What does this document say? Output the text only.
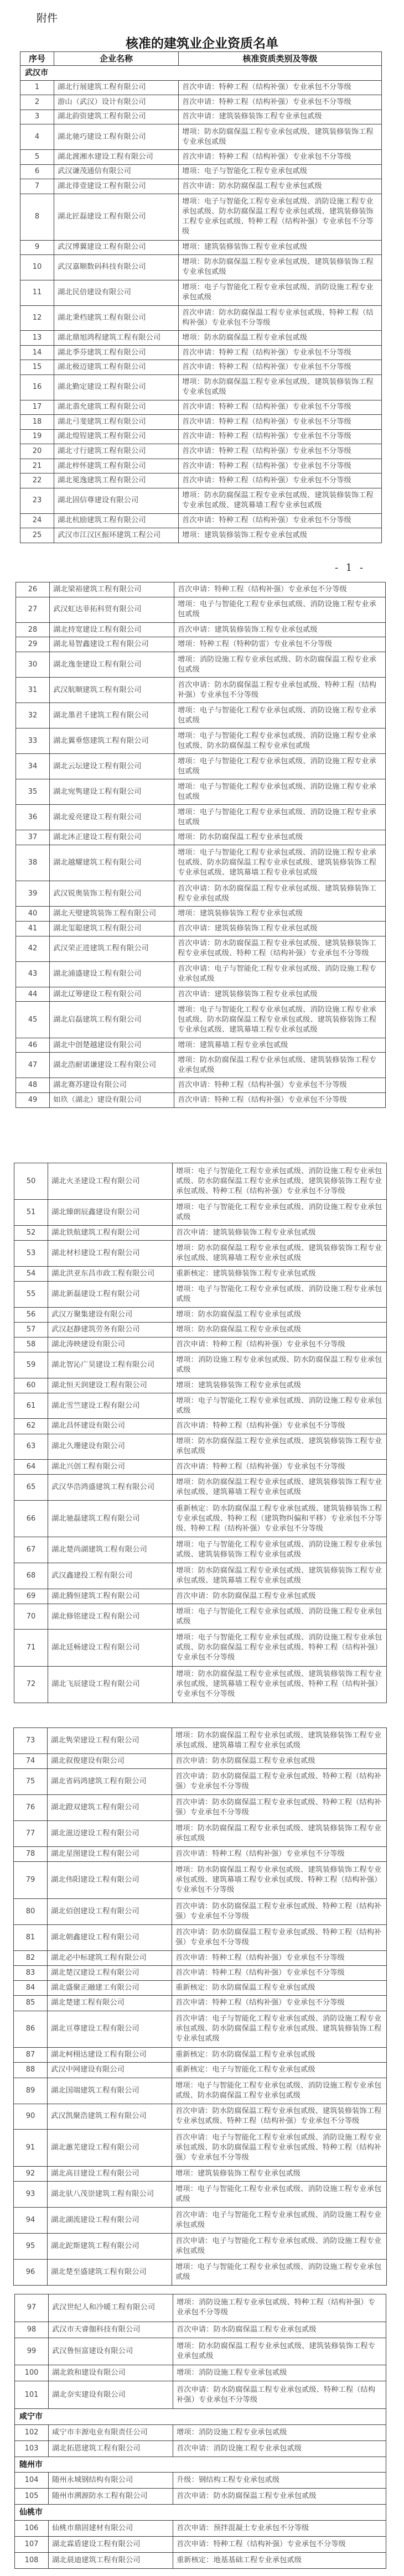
附件
核准的建筑业企业资质名单
- 1 -
序号	企业名称	核准资质类别及等级
武汉市		
1	湖北行展建筑工程有限公司	首次申请：特种工程（结构补强）专业承包不分等级
2	游山（武汉）设计有限公司	首次申请：特种工程（结构补强）专业承包不分等级
3	湖北韵资建筑工程有限公司	首次申请：建筑装修装饰工程专业承包贰级
4	湖北驰巧建设工程有限公司	增项：防水防腐保温工程专业承包贰级、建筑装修装饰工程专业承包贰级
5	湖北渡湘水建设工程有限公司	首次申请：特种工程（结构补强）专业承包不分等级
6	武汉谦茂通信有限公司	增项：电子与智能化工程专业承包贰级
7	湖北徘壹建设工程有限公司	首次申请：防水防腐保温工程专业承包贰级
8	湖北匠磊建设工程有限公司	增项：电子与智能化工程专业承包贰级、消防设施工程专业承包贰级、防水防腐保温工程专业承包贰级、建筑装修装饰工程专业承包贰级、特种工程（结构补强）专业承包不分等级
9	武汉博翼建设工程有限公司	增项：建筑装修装饰工程专业承包贰级
10	武汉嘉顺数码科技有限公司	增项：防水防腐保温工程专业承包贰级、建筑装修装饰工程专业承包贰级
11	湖北民倍建设有限公司	增项：电子与智能化工程专业承包贰级、消防设施工程专业承包贰级
12	湖北秉档建筑工程有限公司	首次申请：防水防腐保温工程专业承包贰级、特种工程（结构补强）专业承包不分等级
13	湖北鼎旭鸿程建筑工程有限公司	增项：防水防腐保温工程专业承包贰级
14	湖北季芬建筑工程有限公司	首次申请：特种工程（结构补强）专业承包不分等级
15	湖北极迈建筑工程有限公司	首次申请：特种工程（结构补强）专业承包不分等级
16	湖北勤定建设工程有限公司	增项：防水防腐保温工程专业承包贰级、建筑装修装饰工程专业承包贰级
17	湖北翡允建筑工程有限公司	首次申请：特种工程（结构补强）专业承包不分等级
18	湖北弓斐建筑工程有限公司	首次申请：特种工程（结构补强）专业承包不分等级
19	湖北煌锃建筑工程有限公司	首次申请：特种工程（结构补强）专业承包不分等级
20	湖北寸行建筑工程有限公司	首次申请：特种工程（结构补强）专业承包不分等级
21	湖北梓怀建筑工程有限公司	首次申请：特种工程（结构补强）专业承包不分等级
22	湖北冕逸建筑工程有限公司	首次申请：特种工程（结构补强）专业承包不分等级
23	湖北固信尊建设有限公司	增项：防水防腐保温工程专业承包贰级、建筑装修装饰工程专业承包贰级、建筑幕墙工程专业承包贰级
24	湖北杭励建筑工程有限公司	首次申请：特种工程（结构补强）专业承包不分等级
25	武汉市江汉区振环建筑工程公司	增项：建筑装修装饰工程专业承包贰级
26	湖北梁裕建筑工程有限公司	首次申请：特种工程（结构补强）专业承包不分等级
27	武汉虹达菲拓科贸有限公司	增项：电子与智能化工程专业承包贰级、消防设施工程专业承包贰级
28	湖北持宽建设工程有限公司	首次申请：建筑装修装饰工程专业承包贰级
29	湖北易智鑫建设工程有限公司	增项：特种工程（特种防雷）专业承包不分等级
30	湖北逸奎建设工程有限公司	增项：消防设施工程专业承包贰级、防水防腐保温工程专业承包贰级
31	武汉航顺建筑工程有限公司	首次申请：防水防腐保温工程专业承包贰级、特种工程（结构补强）专业承包不分等级
32	湖北墨君千建筑工程有限公司	增项：电子与智能化工程专业承包贰级、消防设施工程专业承包贰级
33	湖北翼垂悠建筑工程有限公司	增项：电子与智能化工程专业承包贰级、消防设施工程专业承包贰级、防水防腐保温工程专业承包贰级
34	湖北云坛建设工程有限公司	增项：电子与智能化工程专业承包贰级、消防设施工程专业承包贰级
35	湖北宛隽建设工程有限公司	增项：电子与智能化工程专业承包贰级、消防设施工程专业承包贰级
36	湖北爱亮建设工程有限公司	增项：电子与智能化工程专业承包贰级、消防设施工程专业承包贰级
37	湖北沐正建设工程有限公司	增项：防水防腐保温工程专业承包贰级
38	湖北越耀建筑工程有限公司	增项：电子与智能化工程专业承包贰级、消防设施工程专业承包贰级、防水防腐保温工程专业承包贰级、建筑装修装饰工程专业承包贰级、建筑幕墙工程专业承包贰级
39	武汉锐奥装饰工程有限公司	首次申请：防水防腐保温工程专业承包贰级、建筑装修装饰工程专业承包贰级
40	湖北天璧建筑装饰工程有限公司	增项：建筑装修装饰工程专业承包贰级
41	湖北玺聪建筑工程有限公司	首次申请：建筑装修装饰工程专业承包贰级
42	武汉荣正进建筑工程有限公司	首次申请：防水防腐保温工程专业承包贰级、建筑装修装饰工程专业承包贰级、特种工程（结构补强）专业承包不分等级
43	湖北浦盛建设工程有限公司	首次申请：电子与智能化工程专业承包贰级、消防设施工程专业承包贰级
44	湖北辽筹建设工程有限公司	首次申请：建筑装修装饰工程专业承包贰级
45	湖北启磊建筑工程有限公司	增项：电子与智能化工程专业承包贰级、消防设施工程专业承包贰级、防水防腐保温工程专业承包贰级、建筑装修装饰工程专业承包贰级、建筑幕墙工程专业承包贰级
46	湖北中创楚越建设有限公司	增项：建筑幕墙工程专业承包贰级
47	湖北浩耐诺谦建设工程有限公司	增项：防水防腐保温工程专业承包贰级、建筑装修装饰工程专业承包贰级
48	湖北赛苏建设有限公司	首次申请：特种工程（结构补强）专业承包不分等级
49	如玖（湖北）建设有限公司	首次申请：特种工程（结构补强）专业承包不分等级
50	湖北火圣建设工程有限公司	增项：电子与智能化工程专业承包贰级、消防设施工程专业承包贰级、防水防腐保温工程专业承包贰级、建筑装修装饰工程专业承包贰级、特种工程（结构补强）专业承包不分等级
51	湖北臻朗辰鑫建设有限公司	增项：电子与智能化工程专业承包贰级、消防设施工程专业承包贰级
52	湖北铁航建筑工程有限公司	首次申请：建筑装修装饰工程专业承包贰级
53	湖北材杉建设工程有限公司	增项：防水防腐保温工程专业承包贰级、建筑装修装饰工程专业承包贰级、建筑幕墙工程专业承包贰级
54	湖北洪亚东昌市政工程有限公司	重新核定：建筑装修装饰工程专业承包贰级
55	湖北新磊建设工程有限公司	增项：电子与智能化工程专业承包贰级、消防设施工程专业承包贰级
56	武汉万聚集建设有限公司	增项：防水防腐保温工程专业承包贰级
57	武汉赵静建筑劳务有限公司	增项：防水防腐保温工程专业承包贰级
58	湖北涛映建设有限公司	首次申请：特种工程（结构补强）专业承包不分等级
59	湖北智沁广昊建设工程有限公司	增项：消防设施工程专业承包贰级、防水防腐保温工程专业承包贰级
60	湖北恒天润建设工程有限公司	增项：建筑装修装饰工程专业承包贰级
61	湖北雪竺建设工程有限公司	增项：电子与智能化工程专业承包贰级、消防设施工程专业承包贰级
62	湖北昌怀建设有限公司	首次申请：特种工程（结构补强）专业承包不分等级
63	湖北久珊建设有限公司	增项：防水防腐保温工程专业承包贰级、建筑装修装饰工程专业承包贰级
64	湖北兴创工程有限公司	首次申请：特种工程（结构补强）专业承包不分等级
65	武汉华浩鸿盛建筑工程有限公司	增项：防水防腐保温工程专业承包贰级、建筑装修装饰工程专业承包贰级、建筑幕墙工程专业承包贰级
66	湖北驰磊建筑工程有限公司	重新核定：防水防腐保温工程专业承包贰级、建筑装修装饰工程专业承包贰级、特种工程（建筑物纠偏和平移）专业承包不分等级、特种工程（结构补强）专业承包不分等级
67	湖北楚尚湖建筑工程有限公司	增项：电子与智能化工程专业承包贰级、消防设施工程专业承包贰级、建筑装修装饰工程专业承包贰级
68	武汉鑫建投工程有限公司	增项：防水防腐保温工程专业承包贰级、建筑装修装饰工程专业承包贰级、建筑幕墙工程专业承包贰级
69	湖北腾恒建筑工程有限公司	首次申请：防水防腐保温工程专业承包贰级
70	湖北修铭建设工程有限公司	增项：电子与智能化工程专业承包贰级、消防设施工程专业承包贰级
71	湖北廷畅建设工程有限公司	增项：电子与智能化工程专业承包贰级、消防设施工程专业承包贰级、防水防腐保温工程专业承包贰级、特种工程（结构补强）专业承包不分等级
72	湖北飞辰建设工程有限公司	增项：防水防腐保温工程专业承包贰级、建筑装修装饰工程专业承包贰级、建筑幕墙工程专业承包贰级、特种工程（结构补强）专业承包不分等级
73	湖北隽荣建设工程有限公司	增项：防水防腐保温工程专业承包贰级、建筑装修装饰工程专业承包贰级、建筑幕墙工程专业承包贰级
74	湖北叙俊建设有限公司	首次申请：防水防腐保温工程专业承包贰级
75	湖北省码鸿建筑工程有限公司	首次申请：防水防腐保温工程专业承包贰级、特种工程（结构补强）专业承包不分等级
76	湖北蹬双建筑工程有限公司	首次申请：防水防腐保温工程专业承包贰级、特种工程（结构补强）专业承包不分等级
77	湖北滋迈建设工程有限公司	增项：防水防腐保温工程专业承包贰级、建筑装修装饰工程专业承包贰级
78	湖北星图建设工程有限公司	首次申请：特种工程（结构补强）专业承包不分等级
79	湖北伟阳建设工程有限公司	增项：防水防腐保温工程专业承包贰级、建筑装修装饰工程专业承包贰级、建筑幕墙工程专业承包贰级、特种工程（结构补强）专业承包不分等级
80	湖北佰创建设工程有限公司	首次申请：防水防腐保温工程专业承包贰级、特种工程（结构补强）专业承包不分等级
81	湖北朝鑫建设工程有限公司	首次申请：防水防腐保温工程专业承包贰级、特种工程（结构补强）专业承包不分等级
82	湖北必中标建筑工程有限公司	首次申请：特种工程（结构补强）专业承包不分等级
83	湖北楚汉建设工程有限公司	首次申请：特种工程（结构补强）专业承包不分等级
84	湖北盛聚正融建工有限公司	重新核定：防水防腐保温工程专业承包贰级
85	湖北楚建工程有限公司	首次申请：特种工程（结构补强）专业承包不分等级
86	湖北亘尊建设工程有限公司	首次申请：电子与智能化工程专业承包贰级、消防设施工程专业承包贰级、防水防腐保温工程专业承包贰级、建筑装修装饰工程专业承包贰级
87	湖北柯栩达建设工程有限公司	重新核定：防水防腐保温工程专业承包贰级
88	武汉中网建设有限公司	重新核定：电子与智能化工程专业承包贰级
89	湖北国端建筑工程有限公司	增项：电子与智能化工程专业承包贰级、消防设施工程专业承包贰级、防水防腐保温工程专业承包贰级
90	武汉凯聚浩建筑工程有限公司	首次申请：防水防腐保温工程专业承包贰级、建筑装修装饰工程专业承包贰级、特种工程（结构补强）专业承包不分等级
91	湖北蕙芜建设工程有限公司	首次申请：电子与智能化工程专业承包贰级、消防设施工程专业承包贰级、防水防腐保温工程专业承包贰级、特种工程（结构补强）专业承包不分等级
92	湖北高目建设工程有限公司	增项：建筑装修装饰工程专业承包贰级
93	湖北驮八茂崇建筑工程有限公司	增项：电子与智能化工程专业承包贰级、消防设施工程专业承包贰级
94	湖北湖流建设工程有限公司	首次申请：电子与智能化工程专业承包贰级、消防设施工程专业承包贰级
95	湖北跎斯建筑工程有限公司	首次申请：电子与智能化工程专业承包贰级、消防设施工程专业承包贰级
96	湖北楚至盛建筑工程有限公司	增项：电子与智能化工程专业承包贰级、消防设施工程专业承包贰级
97	武汉世纪人和冷暖工程有限公司	增项：消防设施工程专业承包贰级、特种工程（结构补强）专业承包不分等级
98	武汉市天睿伽科技有限公司	首次申请：防水防腐保温工程专业承包贰级
99	武汉鲁恒富建设有限公司	增项：防水防腐保温工程专业承包贰级、建筑装修装饰工程专业承包贰级
100	湖北敦和建设有限公司	增项：消防设施工程专业承包贰级
101	湖北奈实建设有限公司	首次申请：防水防腐保温工程专业承包贰级、特种工程（结构补强）专业承包不分等级
咸宁市		
102	咸宁市丰源电业有限责任公司	增项：消防设施工程专业承包贰级
103	湖北拓恩建筑工程有限公司	首次申请：消防设施工程专业承包贰级
随州市		
104	随州永城钢结构有限公司	升级：钢结构工程专业承包贰级
105	随州市溯源防水工程有限公司	首次申请：防水防腐保温工程专业承包贰级
仙桃市		
106	仙桃市鼎固建材有限公司	首次申请：预拌混凝土专业承包不分等级
107	湖北霖盾建设工程有限公司	首次申请：特种工程（结构补强）专业承包不分等级
108	湖北晨迪建筑工程有限公司	重新核定：地基基础工程专业承包贰级
